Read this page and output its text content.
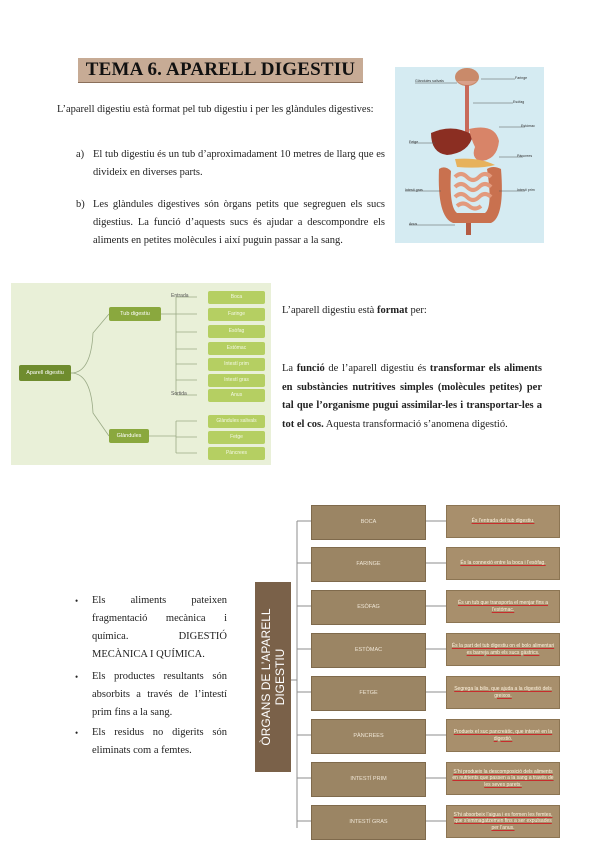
TEMA 6. APARELL DIGESTIU
L’aparell digestiu està format pel tub digestiu i per les glàndules digestives:
a) El tub digestiu és un tub d’aproximadament 10 metres de llarg que es divideix en diverses parts.
b) Les glàndules digestives són òrgans petits que segreguen els sucs digestius. La funció d’aquests sucs és ajudar a descompondre els aliments en petites molècules i així puguin passar a la sang.
Glàndules salivals
Faringe
Esòfag
Estómac
Fetge
Pàncrees
Intestí prim
Intestí gras
Anus
Aparell digestiu
Tub digestiu
Glàndules
Entrada
Sortida
Boca
Faringe
Esòfag
Estómac
Intestí prim
Intestí gras
Anus
Glàndules salivals
Fetge
Pàncrees
L’aparell digestiu està format per:
La funció de l’aparell digestiu és transformar els aliments en substàncies nutritives simples (molècules petites) per tal que l’organisme pugui assimilar-les i transportar-les a tot el cos. Aquesta transformació s’anomena digestió.
• Els aliments pateixen fragmentació mecànica i química. DIGESTIÓ MECÀNICA I QUÍMICA.
• Els productes resultants són absorbits a través de l’intestí prim fins a la sang.
• Els residus no digerits són eliminats com a femtes.
ÒRGANS DE L’APARELL DIGESTIU
BOCA
FARINGE
ESÒFAG
ESTÒMAC
FETGE
PÀNCREES
INTESTÍ PRIM
INTESTÍ GRAS
És l’entrada del tub digestiu.
És la connexió entre la boca i l’esòfag.
És un tub que transporta el menjar fins a l’estómac.
És la part del tub digestiu on el bolo alimentari es barreja amb els sucs gàstrics.
Segrega la bilis, que ajuda a la digestió dels greixos.
Produeix el suc pancreàtic, que intervé en la digestió.
S’hi produeix la descomposició dels aliments en nutrients que passen a la sang a través de les seves parets.
S’hi absorbeix l’aigua i es formen les femtes, que s’emmagatzemen fins a ser expulsades per l’anus.
